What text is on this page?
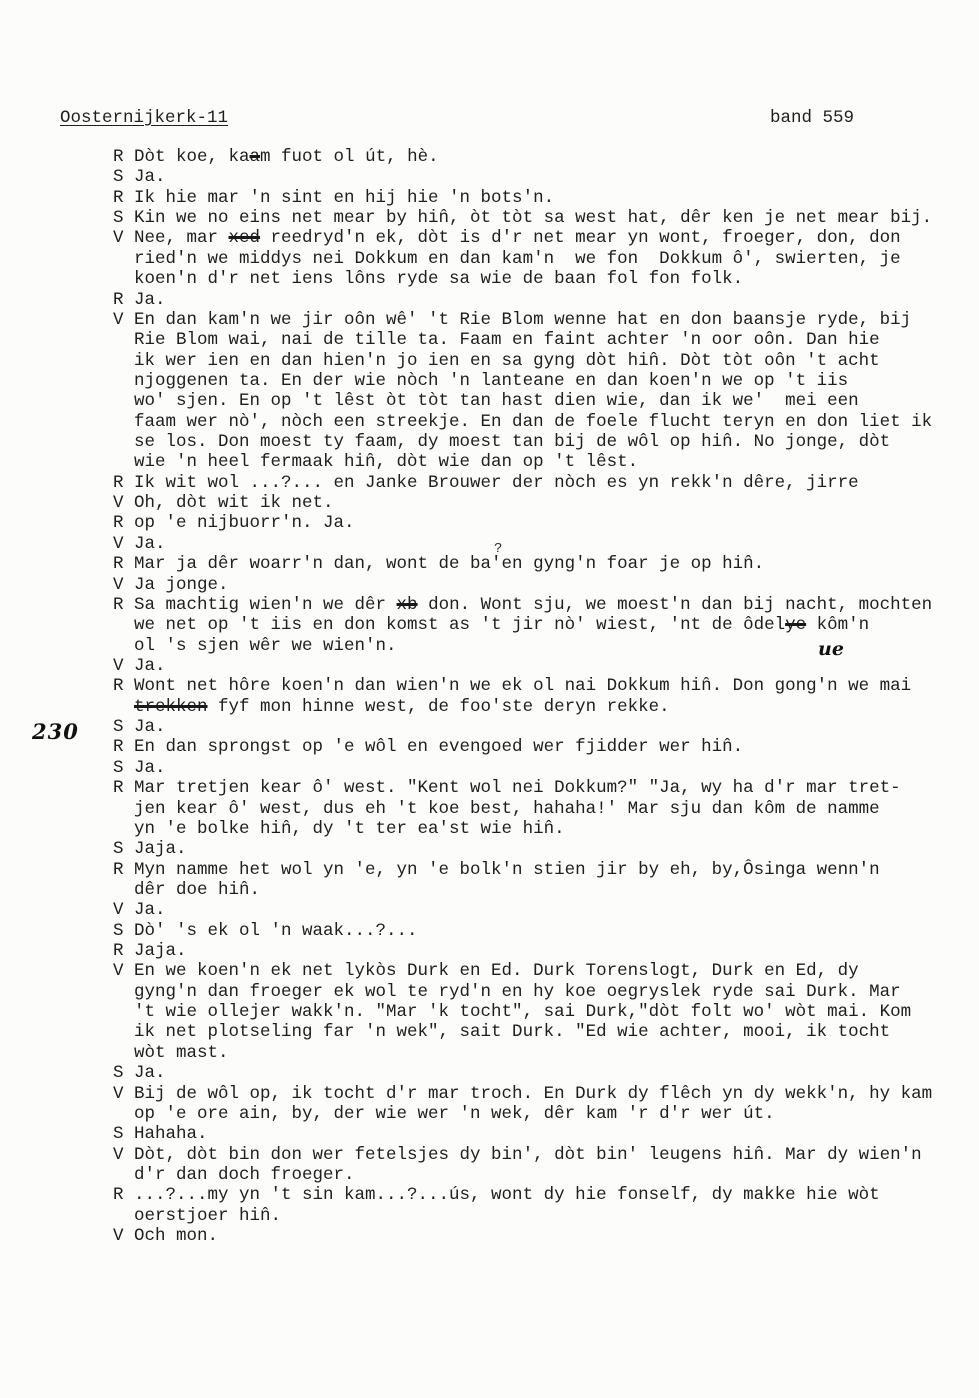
Oosternijkerk-11	band 559
230
?
ue
R Dòt koe, kaam fuot ol út, hè.
S Ja.
R Ik hie mar 'n sint en hij hie 'n bots'n.
S Kin we no eins net mear by hin̂, òt tòt sa west hat, dêr ken je net mear bij.
V Nee, mar xed reedryd'n ek, dòt is d'r net mear yn wont, froeger, don, don
ried'n we middys nei Dokkum en dan kam'n  we fon  Dokkum ô', swierten, je
koen'n d'r net iens lôns ryde sa wie de baan fol fon folk.
R Ja.
V En dan kam'n we jir oôn wê' 't Rie Blom wenne hat en don baansje ryde, bij
Rie Blom wai, nai de tille ta. Faam en faint achter 'n oor oôn. Dan hie
ik wer ien en dan hien'n jo ien en sa gyng dòt hin̂. Dòt tòt oôn 't acht
njoggenen ta. En der wie nòch 'n lanteane en dan koen'n we op 't iis
wo' sjen. En op 't lêst òt tòt tan hast dien wie, dan ik we'  mei een
faam wer nò', nòch een streekje. En dan de foele flucht teryn en don liet ik
se los. Don moest ty faam, dy moest tan bij de wôl op hin̂. No jonge, dòt
wie 'n heel fermaak hin̂, dòt wie dan op 't lêst.
R Ik wit wol ...?... en Janke Brouwer der nòch es yn rekk'n dêre, jirre
V Oh, dòt wit ik net.
R op 'e nijbuorr'n. Ja.
V Ja.
R Mar ja dêr woarr'n dan, wont de ba'en gyng'n foar je op hin̂.
V Ja jonge.
R Sa machtig wien'n we dêr xb don. Wont sju, we moest'n dan bij nacht, mochten
we net op 't iis en don komst as 't jir nò' wiest, 'nt de ôdelye kôm'n
ol 's sjen wêr we wien'n.
V Ja.
R Wont net hôre koen'n dan wien'n we ek ol nai Dokkum hin̂. Don gong'n we mai
trekken fyf mon hinne west, de foo'ste deryn rekke.
S Ja.
R En dan sprongst op 'e wôl en evengoed wer fjidder wer hin̂.
S Ja.
R Mar tretjen kear ô' west. "Kent wol nei Dokkum?" "Ja, wy ha d'r mar tret-
jen kear ô' west, dus eh 't koe best, hahaha!' Mar sju dan kôm de namme
yn 'e bolke hin̂, dy 't ter ea'st wie hin̂.
S Jaja.
R Myn namme het wol yn 'e, yn 'e bolk'n stien jir by eh, by,Ôsinga wenn'n
dêr doe hin̂.
V Ja.
S Dò' 's ek ol 'n waak...?...
R Jaja.
V En we koen'n ek net lykòs Durk en Ed. Durk Torenslogt, Durk en Ed, dy
gyng'n dan froeger ek wol te ryd'n en hy koe oegryslek ryde sai Durk. Mar
't wie ollejer wakk'n. "Mar 'k tocht", sai Durk,"dòt folt wo' wòt mai. Kom
ik net plotseling far 'n wek", sait Durk. "Ed wie achter, mooi, ik tocht
wòt mast.
S Ja.
V Bij de wôl op, ik tocht d'r mar troch. En Durk dy flêch yn dy wekk'n, hy kam
op 'e ore ain, by, der wie wer 'n wek, dêr kam 'r d'r wer út.
S Hahaha.
V Dòt, dòt bin don wer fetelsjes dy bin', dòt bin' leugens hin̂. Mar dy wien'n
d'r dan doch froeger.
R ...?...my yn 't sin kam...?...ús, wont dy hie fonself, dy makke hie wòt
oerstjoer hin̂.
V Och mon.
